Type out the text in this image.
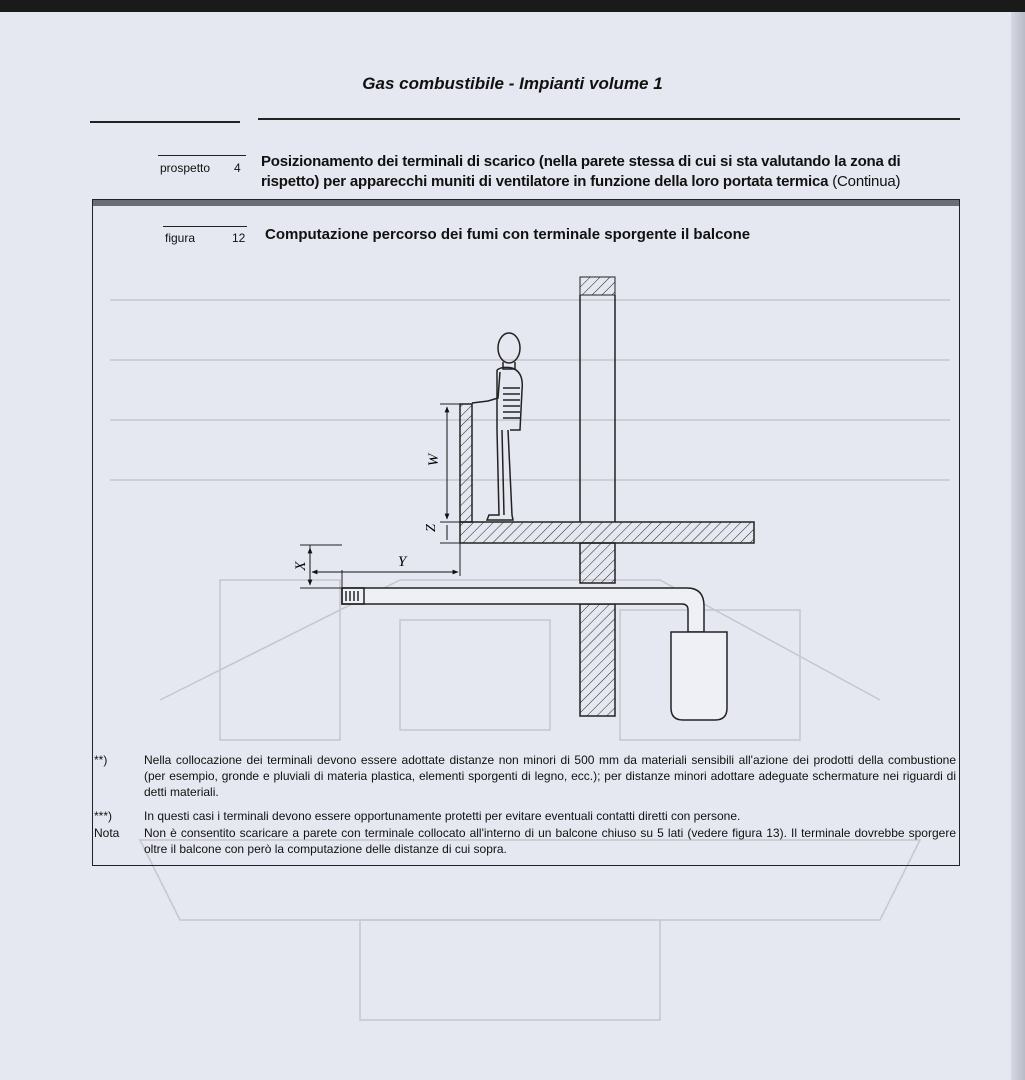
Gas combustibile - Impianti volume 1
prospetto 4 Posizionamento dei terminali di scarico (nella parete stessa di cui si sta valutando la zona di rispetto) per apparecchi muniti di ventilatore in funzione della loro portata termica (Continua)
figura	12 Computazione percorso dei fumi con terminale sporgente il balcone
W
Z
Y
X
**)	Nella collocazione dei terminali devono essere adottate distanze non minori di 500 mm da materiali sensibili all'azione dei prodotti della combustione (per esempio, gronde e pluviali di materia plastica, elementi sporgenti di legno, ecc.); per distanze minori adottare adeguate schermature nei riguardi di detti materiali.
***)	In questi casi i terminali devono essere opportunamente protetti per evitare eventuali contatti diretti con persone.
Nota	Non è consentito scaricare a parete con terminale collocato all'interno di un balcone chiuso su 5 lati (vedere figura 13). Il terminale dovrebbe sporgere oltre il balcone con però la computazione delle distanze di cui sopra.
